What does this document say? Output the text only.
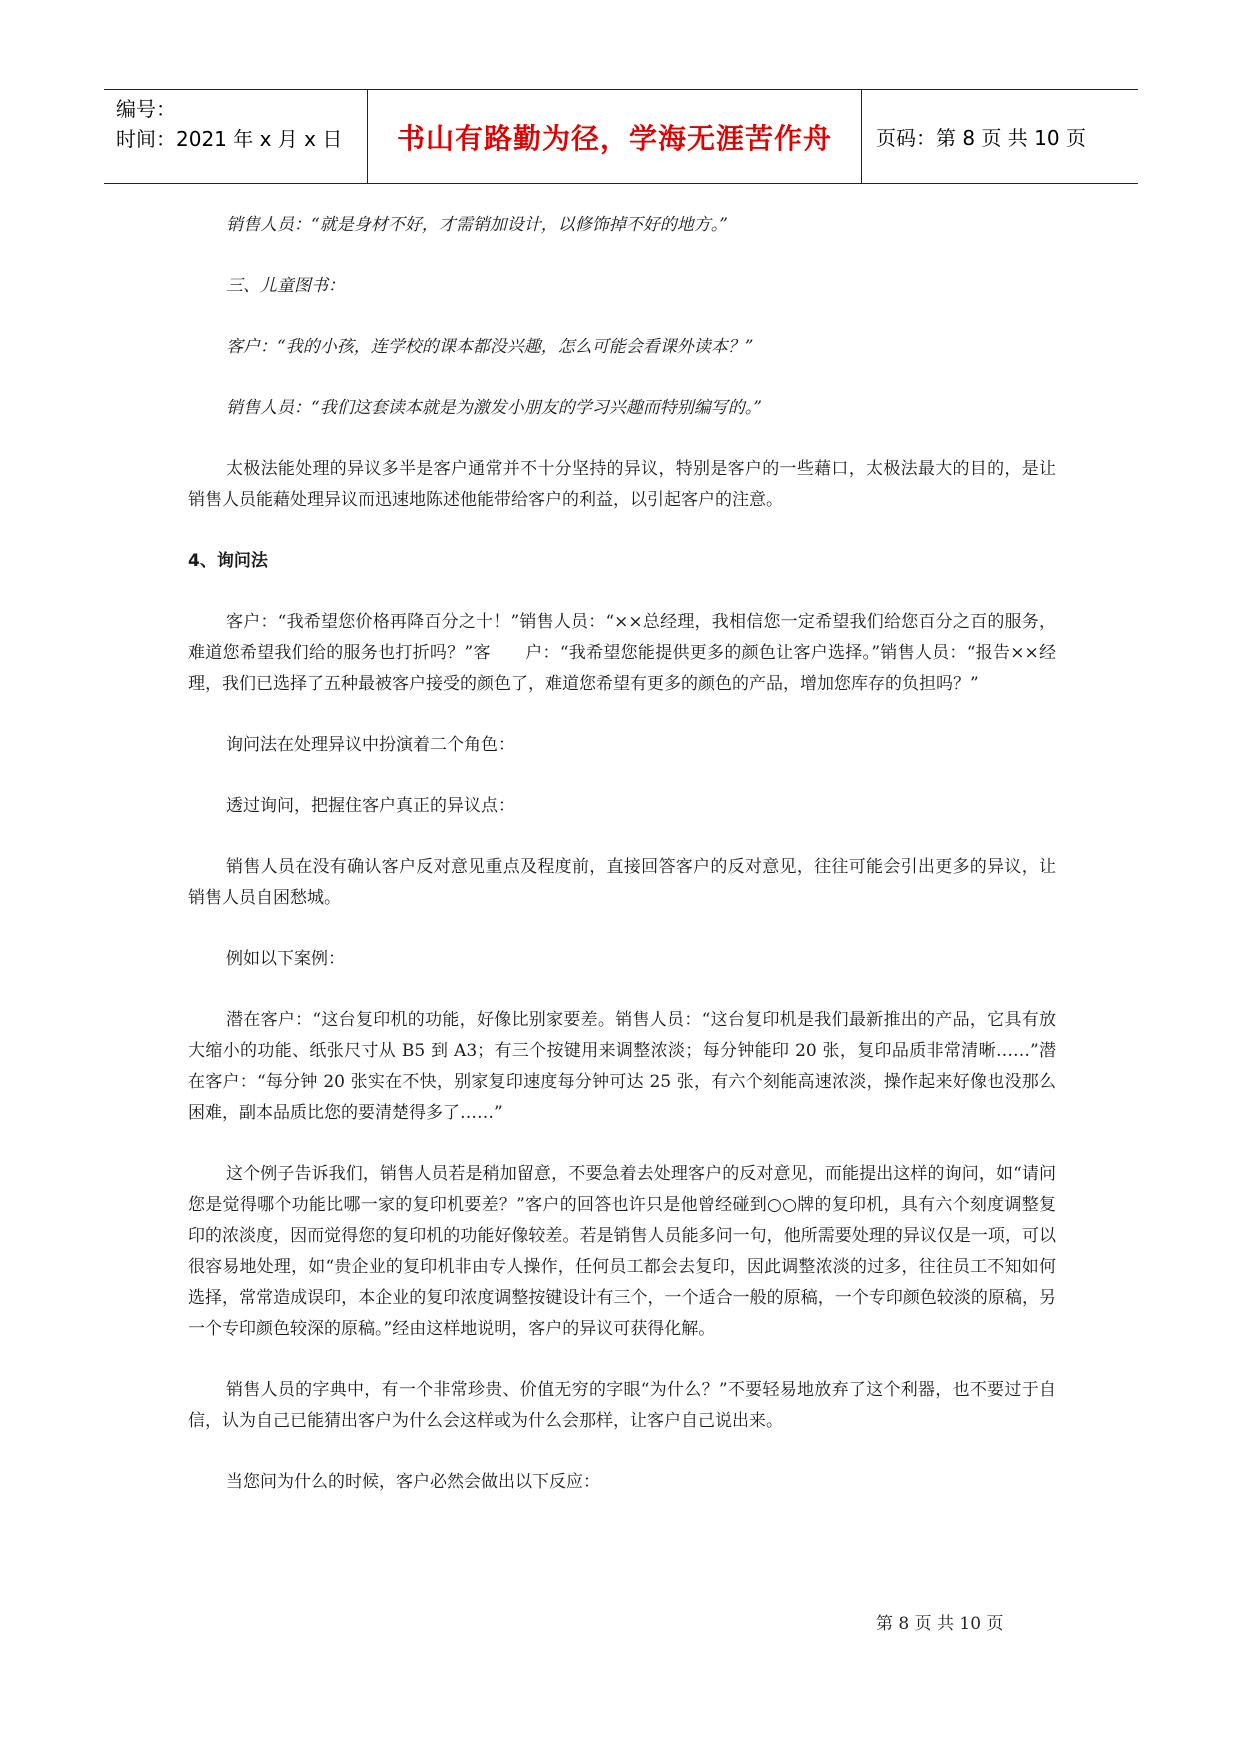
编号：
时间：2021 年 x 月 x 日	书山有路勤为径，学海无涯苦作舟	页码：第 8 页 共 10 页

销售人员：“就是身材不好，才需销加设计，以修饰掉不好的地方。”

三、儿童图书：

客户：“我的小孩，连学校的课本都没兴趣，怎么可能会看课外读本？”

销售人员：“我们这套读本就是为激发小朋友的学习兴趣而特别编写的。”

太极法能处理的异议多半是客户通常并不十分坚持的异议，特别是客户的一些藉口，太极法最大的目的，是让销售人员能藉处理异议而迅速地陈述他能带给客户的利益，以引起客户的注意。

4、询问法

客户：“我希望您价格再降百分之十！”销售人员：“××总经理，我相信您一定希望我们给您百分之百的服务，难道您希望我们给的服务也打折吗？”客　　户：“我希望您能提供更多的颜色让客户选择。”销售人员：“报告××经理，我们已选择了五种最被客户接受的颜色了，难道您希望有更多的颜色的产品，增加您库存的负担吗？”

询问法在处理异议中扮演着二个角色：

透过询问，把握住客户真正的异议点：

销售人员在没有确认客户反对意见重点及程度前，直接回答客户的反对意见，往往可能会引出更多的异议，让销售人员自困愁城。

例如以下案例：

潜在客户：“这台复印机的功能，好像比别家要差。销售人员：“这台复印机是我们最新推出的产品，它具有放大缩小的功能、纸张尺寸从 B5 到 A3；有三个按键用来调整浓淡；每分钟能印 20 张，复印品质非常清晰……”潜在客户：“每分钟 20 张实在不快，别家复印速度每分钟可达 25 张，有六个刻能高速浓淡，操作起来好像也没那么困难，副本品质比您的要清楚得多了……”

这个例子告诉我们，销售人员若是稍加留意，不要急着去处理客户的反对意见，而能提出这样的询问，如“请问您是觉得哪个功能比哪一家的复印机要差？”客户的回答也许只是他曾经碰到○○牌的复印机，具有六个刻度调整复印的浓淡度，因而觉得您的复印机的功能好像较差。若是销售人员能多问一句，他所需要处理的异议仅是一项，可以很容易地处理，如“贵企业的复印机非由专人操作，任何员工都会去复印，因此调整浓淡的过多，往往员工不知如何选择，常常造成误印，本企业的复印浓度调整按键设计有三个，一个适合一般的原稿，一个专印颜色较淡的原稿，另一个专印颜色较深的原稿。”经由这样地说明，客户的异议可获得化解。

销售人员的字典中，有一个非常珍贵、价值无穷的字眼“为什么？”不要轻易地放弃了这个利器，也不要过于自信，认为自己已能猜出客户为什么会这样或为什么会那样，让客户自己说出来。

当您问为什么的时候，客户必然会做出以下反应：

第 8 页 共 10 页
